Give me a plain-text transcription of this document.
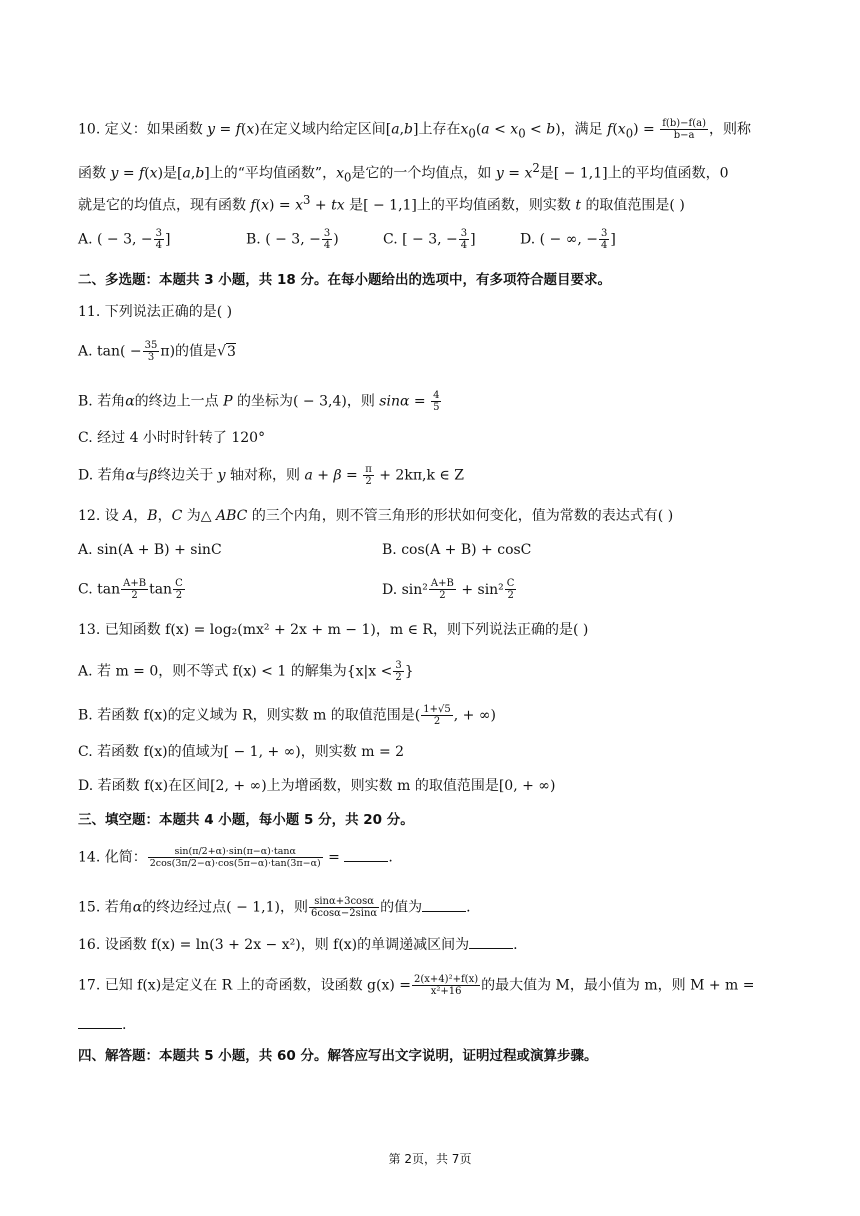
10. 定义：如果函数 y = f(x)在定义域内给定区间[a,b]上存在$x_0(a < x_0 < b)$，满足 $f(x_0) = \frac{f(b)-f(a)}{b-a}$ ，则称
函数 y = f(x)是[a,b]上的“平均值函数”，$x_0$是它的一个均值点，如 $y = x^2$是[ − 1,1]上的平均值函数，0
就是它的均值点，现有函数 $f(x) = x^3$ + tx 是[ − 1,1]上的平均值函数，则实数 t 的取值范围是( )
A. ( − 3, − $\frac{3}{4}$ ]	B. ( − 3, − $\frac{3}{4}$ )	C. [ − 3, − $\frac{3}{4}$ ]	D. ( − ∞, − $\frac{3}{4}$ ]
二、多选题：本题共 3 小题，共 18 分。在每小题给出的选项中，有多项符合题目要求。
11. 下列说法正确的是( )
A. $\tan( - \frac{35}{3} \pi)$的值是√3
B. 若角α的终边上一点 P 的坐标为( − 3,4)，则 $\sin\alpha = \frac{4}{5}$
C. 经过 4 小时时针转了 120°
D. 若角α与β终边关于 y 轴对称，则 $a + \beta = \frac{\pi}{2} + 2k\pi,k$ ∈ Z
12. 设 A，B，C 为△ ABC 的三个内角，则不管三角形的形状如何变化，值为常数的表达式有( )
A. sin(A + B) + sinC	B. cos(A + B) + cosC
C. $\tan \frac{A+B}{2}$ $\tan \frac{C}{2}$	D. $\sin^2 \frac{A+B}{2} + \sin^2 \frac{C}{2}$
13. 已知函数 f(x) = log₂(mx² + 2x + m − 1)，m ∈ R，则下列说法正确的是( )
A. 若 m = 0，则不等式 f(x) < 1 的解集为{$x|x < \frac{3}{2}$ }
B. 若函数 f(x)的定义域为 R，则实数 m 的取值范围是( $\frac{1+√5}{2}$ , + ∞)
C. 若函数 f(x)的值域为[ − 1, + ∞)，则实数 m = 2
D. 若函数 f(x)在区间[2, + ∞)上为增函数，则实数 m 的取值范围是[0, + ∞)
三、填空题：本题共 4 小题，每小题 5 分，共 20 分。
14. 化简： $\frac{\sin(\pi/2+\alpha)\cdot\sin(\pi-\alpha)\cdot\tan\alpha}{2\cos(3\pi/2-\alpha)\cdot\cos(5\pi-\alpha)\cdot\tan(3\pi-\alpha)}$ =	.
15. 若角α的终边经过点( − 1,1)，则 $\frac{\sin\alpha+3\cos\alpha}{6\cos\alpha-2\sin\alpha}$ 的值为	.
16. 设函数 f(x) = ln(3 + 2x − x²)，则 f(x)的单调递减区间为	.
17. 已知 f(x)是定义在 R 上的奇函数，设函数 $g(x) = \frac{\text{2(x+4)²+f(x)}}{\text{x²+16}}$ 的最大值为 M，最小值为 m，则 M + m =
.
四、解答题：本题共 5 小题，共 60 分。解答应写出文字说明，证明过程或演算步骤。
第 2页，共 7页
